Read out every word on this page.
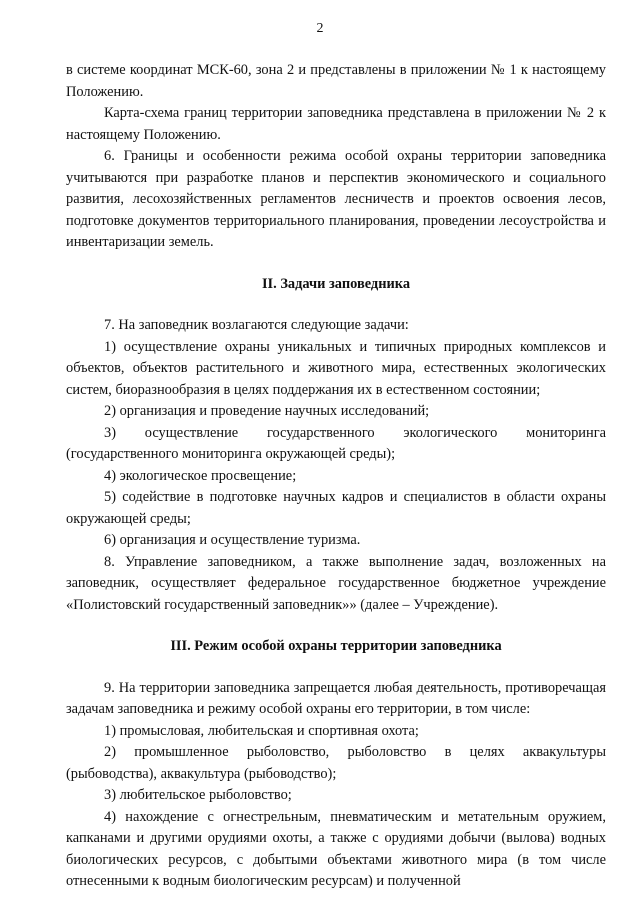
2

в системе координат МСК-60, зона 2 и представлены в приложении № 1 к настоящему Положению.

Карта-схема границ территории заповедника представлена в приложении № 2 к настоящему Положению.

6. Границы и особенности режима особой охраны территории заповедника учитываются при разработке планов и перспектив экономического и социального развития, лесохозяйственных регламентов лесничеств и проектов освоения лесов, подготовке документов территориального планирования, проведении лесоустройства и инвентаризации земель.

II. Задачи заповедника

7. На заповедник возлагаются следующие задачи:

1) осуществление охраны уникальных и типичных природных комплексов и объектов, объектов растительного и животного мира, естественных экологических систем, биоразнообразия в целях поддержания их в естественном состоянии;

2) организация и проведение научных исследований;

3) осуществление государственного экологического мониторинга (государственного мониторинга окружающей среды);

4) экологическое просвещение;

5) содействие в подготовке научных кадров и специалистов в области охраны окружающей среды;

6) организация и осуществление туризма.

8. Управление заповедником, а также выполнение задач, возложенных на заповедник, осуществляет федеральное государственное бюджетное учреждение «Полистовский государственный заповедник»» (далее – Учреждение).

III. Режим особой охраны территории заповедника

9. На территории заповедника запрещается любая деятельность, противоречащая задачам заповедника и режиму особой охраны его территории, в том числе:

1) промысловая, любительская и спортивная охота;

2) промышленное рыболовство, рыболовство в целях аквакультуры (рыбоводства), аквакультура (рыбоводство);

3) любительское рыболовство;

4) нахождение с огнестрельным, пневматическим и метательным оружием, капканами и другими орудиями охоты, а также с орудиями добычи (вылова) водных биологических ресурсов, с добытыми объектами животного мира (в том числе отнесенными к водным биологическим ресурсам) и полученной
